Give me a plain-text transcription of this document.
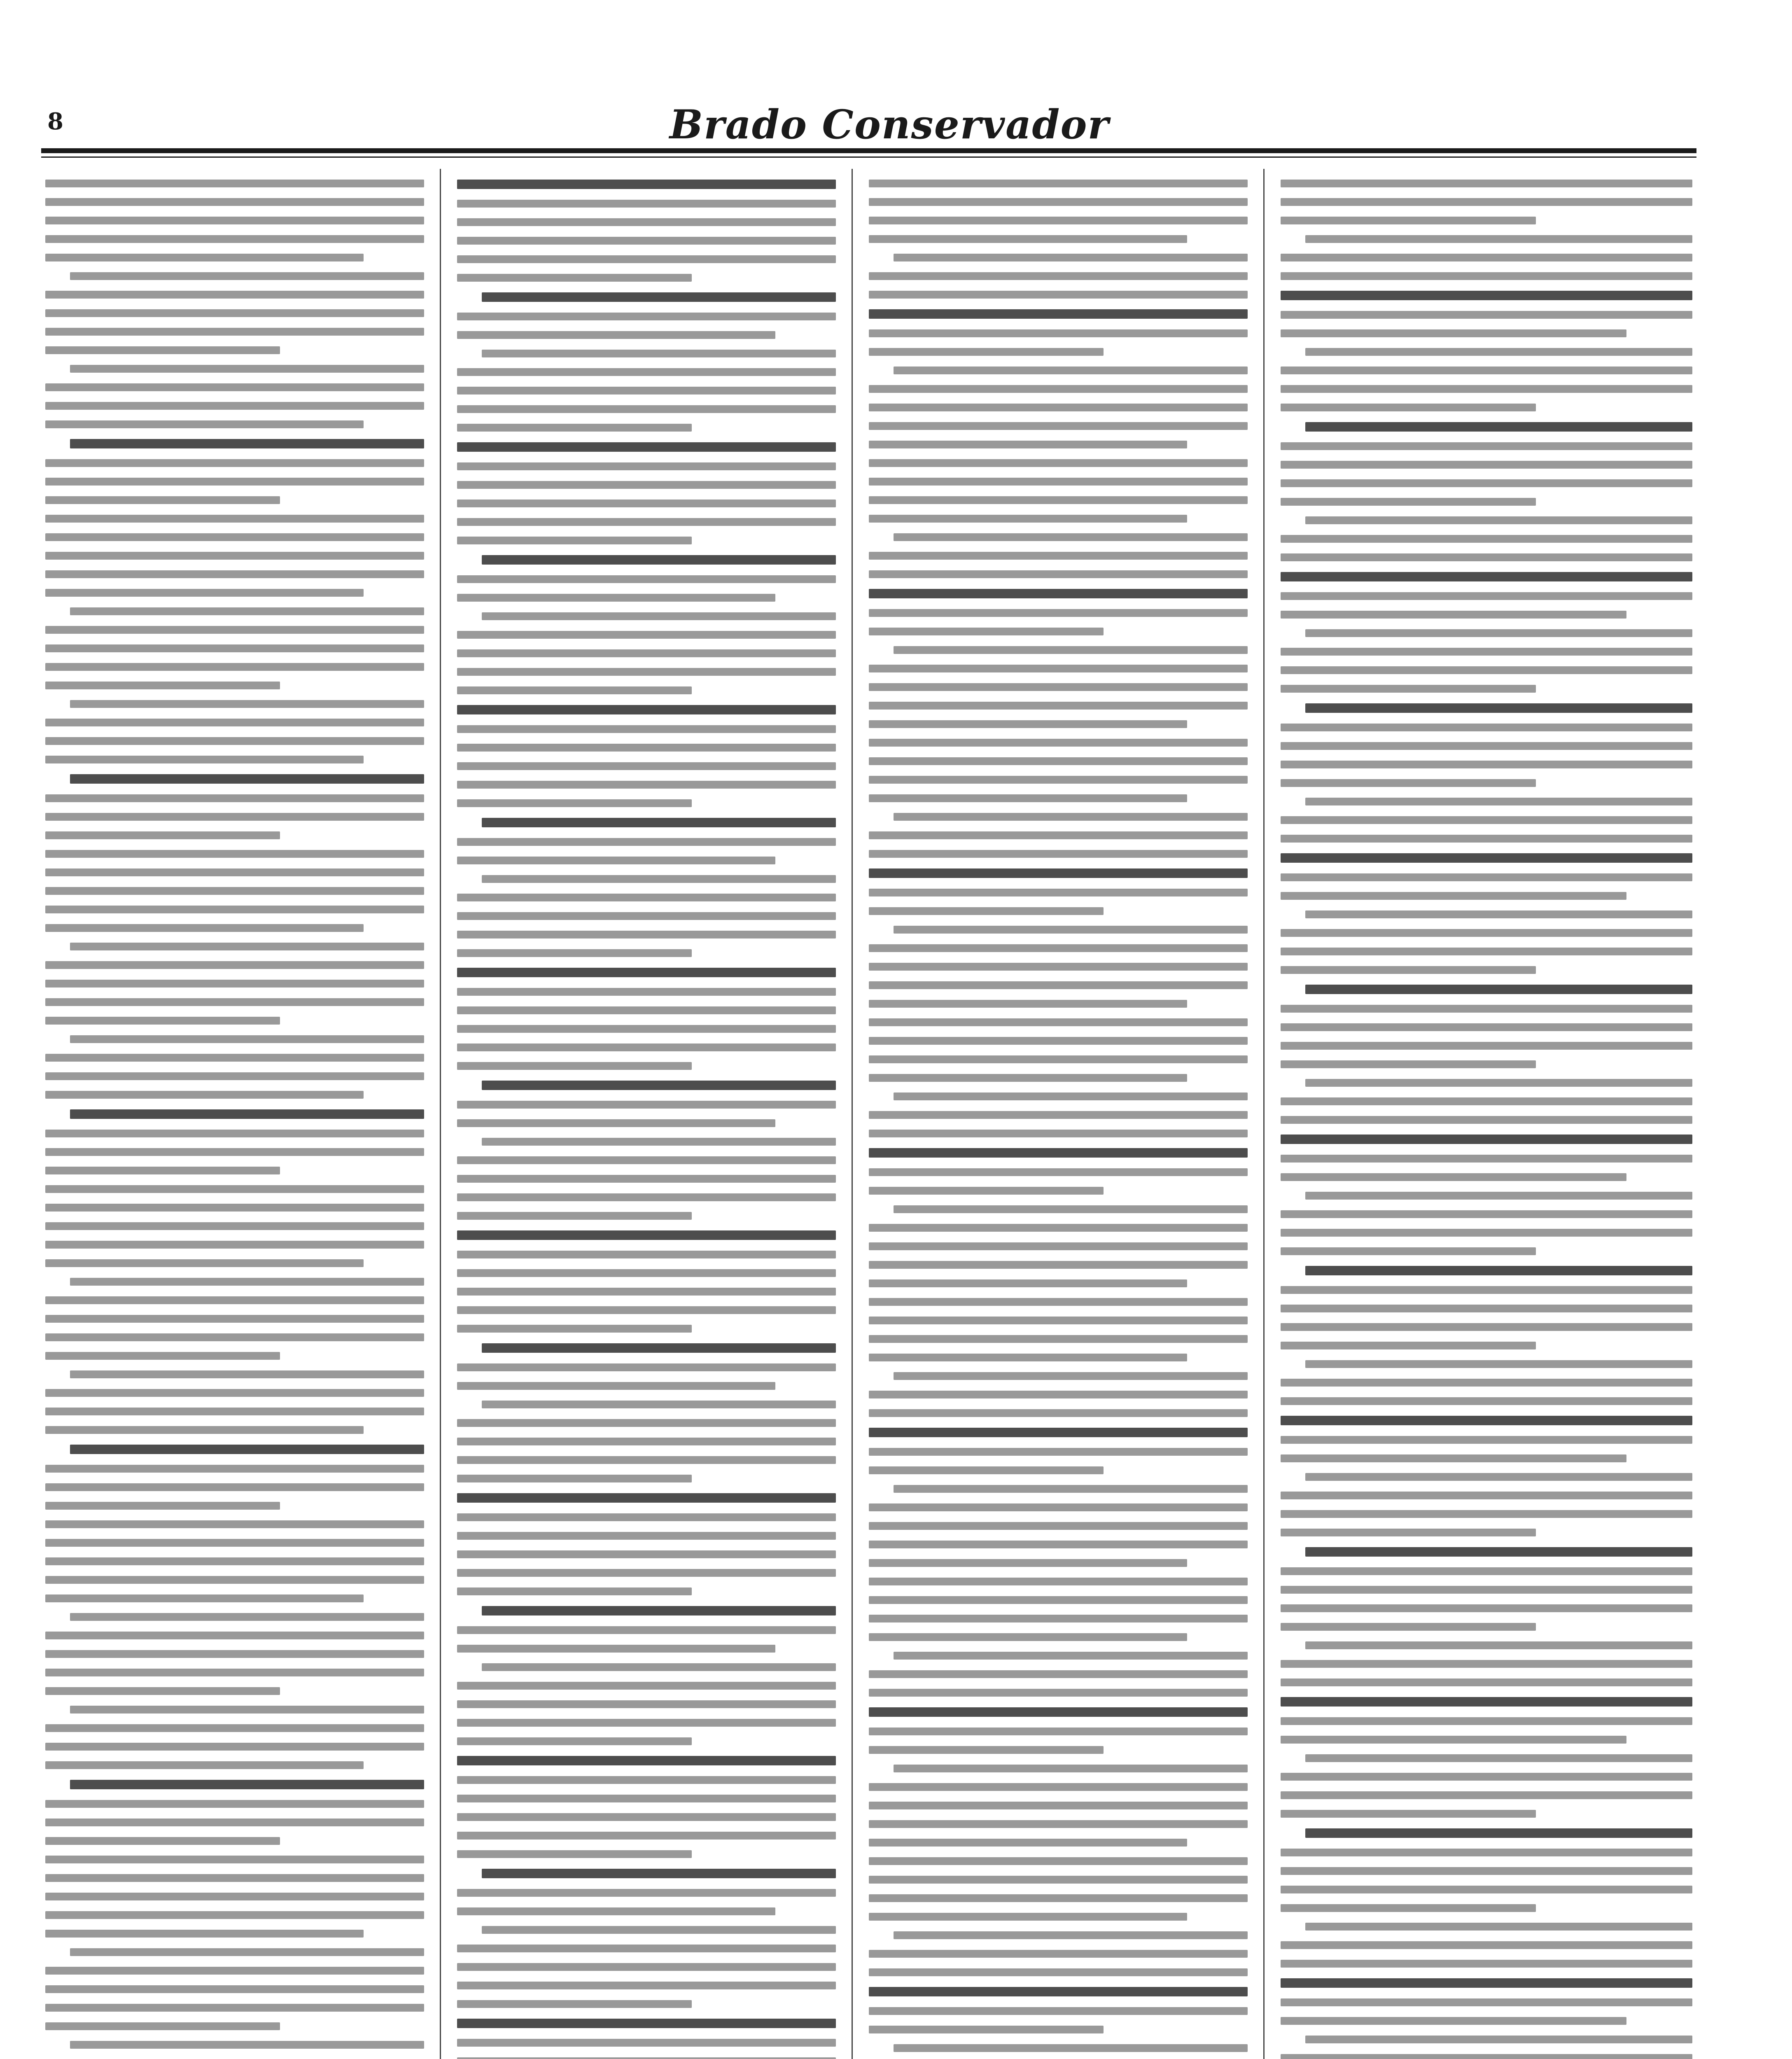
8	Brado Conservador
